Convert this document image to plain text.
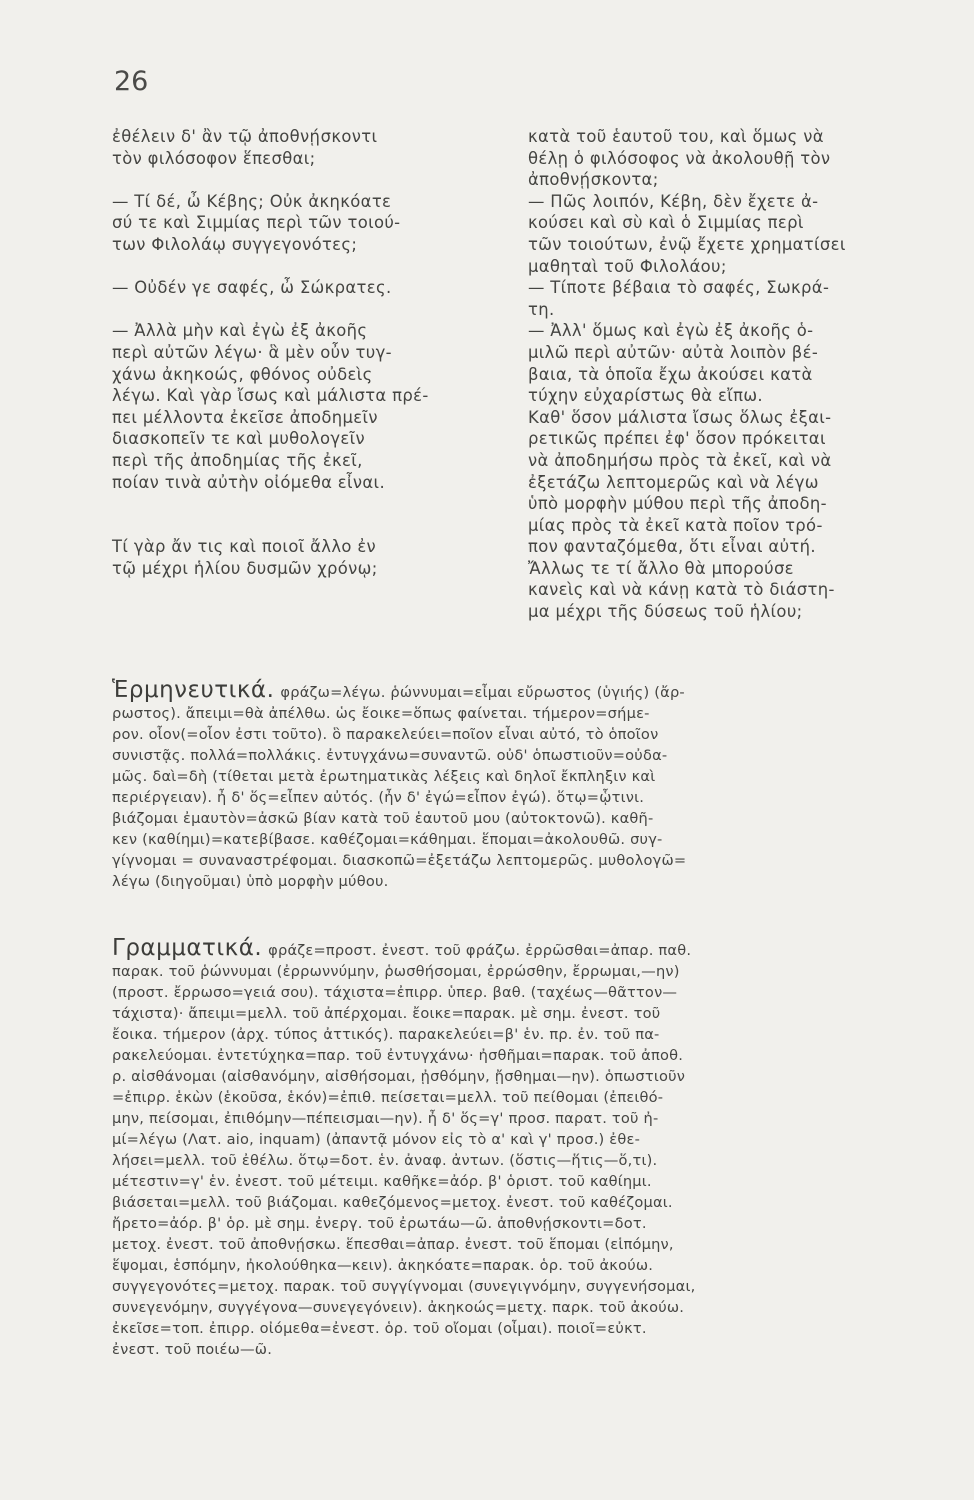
26

ἐθέλειν δ' ἂν τῷ ἀποθνῄσκοντι
τὸν φιλόσοφον ἕπεσθαι;

— Τί δέ, ὦ Κέβης; Οὐκ ἀκηκόατε
σύ τε καὶ Σιμμίας περὶ τῶν τοιού-
των Φιλολάῳ συγγεγονότες;

— Οὐδέν γε σαφές, ὦ Σώκρατες.

— Ἀλλὰ μὴν καὶ ἐγὼ ἐξ ἀκοῆς
περὶ αὐτῶν λέγω· ἃ μὲν οὖν τυγ-
χάνω ἀκηκοώς, φθόνος οὐδεὶς
λέγω. Καὶ γὰρ ἴσως καὶ μάλιστα πρέ-
πει μέλλοντα ἐκεῖσε ἀποδημεῖν
διασκοπεῖν τε καὶ μυθολογεῖν
περὶ τῆς ἀποδημίας τῆς ἐκεῖ,
ποίαν τινὰ αὐτὴν οἰόμεθα εἶναι.

Τί γὰρ ἄν τις καὶ ποιοῖ ἄλλο ἐν
τῷ μέχρι ἡλίου δυσμῶν χρόνῳ;

κατὰ τοῦ ἑαυτοῦ του, καὶ ὅμως νὰ
θέλῃ ὁ φιλόσοφος νὰ ἀκολουθῇ τὸν
ἀποθνῄσκοντα;

— Πῶς λοιπόν, Κέβη, δὲν ἔχετε ἀ-
κούσει καὶ σὺ καὶ ὁ Σιμμίας περὶ
τῶν τοιούτων, ἐνῷ ἔχετε χρηματίσει
μαθηταὶ τοῦ Φιλολάου;

— Τίποτε βέβαια τὸ σαφές, Σωκρά-
τη.

— Ἀλλ' ὅμως καὶ ἐγὼ ἐξ ἀκοῆς ὁ-
μιλῶ περὶ αὐτῶν· αὐτὰ λοιπὸν βέ-
βαια, τὰ ὁποῖα ἔχω ἀκούσει κατὰ
τύχην εὐχαρίστως θὰ εἴπω.
Καθ' ὅσον μάλιστα ἴσως ὅλως ἐξαι-
ρετικῶς πρέπει ἐφ' ὅσον πρόκειται
νὰ ἀποδημήσω πρὸς τὰ ἐκεῖ, καὶ νὰ
ἐξετάζω λεπτομερῶς καὶ νὰ λέγω
ὑπὸ μορφὴν μύθου περὶ τῆς ἀποδη-
μίας πρὸς τὰ ἐκεῖ κατὰ ποῖον τρό-
πον φανταζόμεθα, ὅτι εἶναι αὐτή.

Ἄλλως τε τί ἄλλο θὰ μπορούσε
κανεὶς καὶ νὰ κάνῃ κατὰ τὸ διάστη-
μα μέχρι τῆς δύσεως τοῦ ἡλίου;

Ἑρμηνευτικά. φράζω=λέγω. ῥώννυμαι=εἶμαι εὔρωστος (ὑγιής) (ἄρ-
ρωστος). ἄπειμι=θὰ ἀπέλθω. ὡς ἔοικε=ὅπως φαίνεται. τήμερον=σήμε-
ρον. οἷον(=οἷον ἐστι τοῦτο). ὃ παρακελεύει=ποῖον εἶναι αὐτό, τὸ ὁποῖον
συνιστᾷς. πολλά=πολλάκις. ἐντυγχάνω=συναντῶ. οὐδ' ὁπωστιοῦν=οὐδα-
μῶς. δαὶ=δὴ (τίθεται μετὰ ἐρωτηματικὰς λέξεις καὶ δηλοῖ ἔκπληξιν καὶ
περιέργειαν). ἦ δ' ὅς=εἶπεν αὐτός. (ἦν δ' ἐγώ=εἶπον ἐγώ). ὅτῳ=ᾧτινι.
βιάζομαι ἐμαυτὸν=ἀσκῶ βίαν κατὰ τοῦ ἑαυτοῦ μου (αὐτοκτονῶ). καθῆ-
κεν (καθίημι)=κατεβίβασε. καθέζομαι=κάθημαι. ἕπομαι=ἀκολουθῶ. συγ-
γίγνομαι = συναναστρέφομαι. διασκοπῶ=ἐξετάζω λεπτομερῶς. μυθολογῶ=
λέγω (διηγοῦμαι) ὑπὸ μορφὴν μύθου.
Γραμματικά. φράζε=προστ. ἐνεστ. τοῦ φράζω. ἐρρῶσθαι=ἀπαρ. παθ.
παρακ. τοῦ ῥώννυμαι (ἐρρωννύμην, ῥωσθήσομαι, ἐρρώσθην, ἔρρωμαι,—ην)
(προστ. ἔρρωσο=γειά σου). τάχιστα=ἐπιρρ. ὑπερ. βαθ. (ταχέως—θᾶττον—
τάχιστα)· ἄπειμι=μελλ. τοῦ ἀπέρχομαι. ἔοικε=παρακ. μὲ σημ. ἐνεστ. τοῦ
ἔοικα. τήμερον (ἀρχ. τύπος ἀττικός). παρακελεύει=β' ἑν. πρ. ἐν. τοῦ πα-
ρακελεύομαι. ἐντετύχηκα=παρ. τοῦ ἐντυγχάνω· ἠσθῆμαι=παρακ. τοῦ ἀποθ.
ρ. αἰσθάνομαι (αἰσθανόμην, αἰσθήσομαι, ᾐσθόμην, ᾔσθημαι—ην). ὁπωστιοῦν
=ἐπιρρ. ἑκὼν (ἑκοῦσα, ἑκόν)=ἐπιθ. πείσεται=μελλ. τοῦ πείθομαι (ἐπειθό-
μην, πείσομαι, ἐπιθόμην—πέπεισμαι—ην). ἦ δ' ὅς=γ' προσ. παρατ. τοῦ ἠ-
μί=λέγω (Λατ. aio, inquam) (ἀπαντᾷ μόνον εἰς τὸ α' καὶ γ' προσ.) ἐθε-
λήσει=μελλ. τοῦ ἐθέλω. ὅτῳ=δοτ. ἑν. ἀναφ. ἀντων. (ὅστις—ἥτις—ὅ,τι).
μέτεστιν=γ' ἑν. ἐνεστ. τοῦ μέτειμι. καθῆκε=ἀόρ. β' ὁριστ. τοῦ καθίημι.
βιάσεται=μελλ. τοῦ βιάζομαι. καθεζόμενος=μετοχ. ἐνεστ. τοῦ καθέζομαι.
ἤρετο=ἀόρ. β' ὁρ. μὲ σημ. ἐνεργ. τοῦ ἐρωτάω—ῶ. ἀποθνῄσκοντι=δοτ.
μετοχ. ἐνεστ. τοῦ ἀποθνῄσκω. ἕπεσθαι=ἀπαρ. ἐνεστ. τοῦ ἕπομαι (εἱπόμην,
ἕψομαι, ἑσπόμην, ἠκολούθηκα—κειν). ἀκηκόατε=παρακ. ὁρ. τοῦ ἀκούω.
συγγεγονότες=μετοχ. παρακ. τοῦ συγγίγνομαι (συνεγιγνόμην, συγγενήσομαι,
συνεγενόμην, συγγέγονα—συνεγεγόνειν). ἀκηκοώς=μετχ. παρκ. τοῦ ἀκούω.
ἐκεῖσε=τοπ. ἐπιρρ. οἰόμεθα=ἐνεστ. ὁρ. τοῦ οἴομαι (οἶμαι). ποιοῖ=εὐκτ.
ἐνεστ. τοῦ ποιέω—ῶ.
